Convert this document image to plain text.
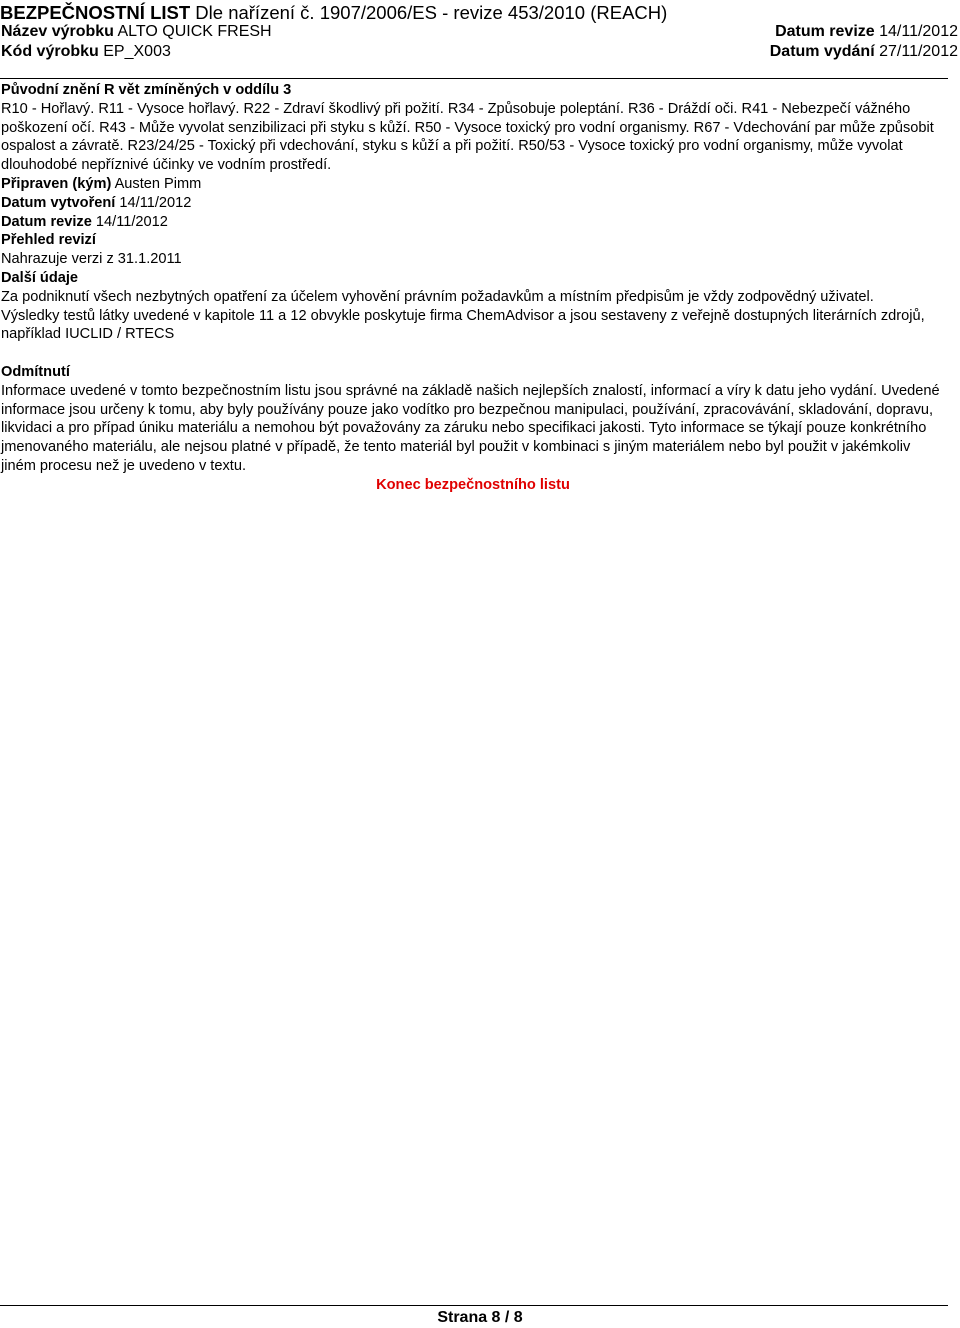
BEZPEČNOSTNÍ LIST Dle nařízení č. 1907/2006/ES - revize 453/2010 (REACH)
Název výrobku ALTO QUICK FRESH	Datum revize 14/11/2012
Kód výrobku EP_X003	Datum vydání 27/11/2012

Původní znění R vět zmíněných v oddílu 3

R10 - Hořlavý. R11 - Vysoce hořlavý. R22 - Zdraví škodlivý při požití. R34 - Způsobuje poleptání. R36 - Dráždí oči. R41 - Nebezpečí vážného poškození očí. R43 - Může vyvolat senzibilizaci při styku s kůží. R50 - Vysoce toxický pro vodní organismy. R67 - Vdechování par může způsobit ospalost a závratě. R23/24/25 - Toxický při vdechování, styku s kůží a při požití. R50/53 - Vysoce toxický pro vodní organismy, může vyvolat dlouhodobé nepříznivé účinky ve vodním prostředí.

Připraven (kým) Austen Pimm

Datum vytvoření 14/11/2012

Datum revize 14/11/2012

Přehled revizí

Nahrazuje verzi z 31.1.2011

Další údaje

Za podniknutí všech nezbytných opatření za účelem vyhovění právním požadavkům a místním předpisům je vždy zodpovědný uživatel.

Výsledky testů látky uvedené v kapitole 11 a 12 obvykle poskytuje firma ChemAdvisor a jsou sestaveny z veřejně dostupných literárních zdrojů, například IUCLID / RTECS

Odmítnutí

Informace uvedené v tomto bezpečnostním listu jsou správné na základě našich nejlepších znalostí, informací a víry k datu jeho vydání. Uvedené informace jsou určeny k tomu, aby byly používány pouze jako vodítko pro bezpečnou manipulaci, používání, zpracovávání, skladování, dopravu, likvidaci a pro případ úniku materiálu a nemohou být považovány za záruku nebo specifikaci jakosti. Tyto informace se týkají pouze konkrétního jmenovaného materiálu, ale nejsou platné v případě, že tento materiál byl použit v kombinaci s jiným materiálem nebo byl použit v jakémkoliv jiném procesu než je uvedeno v textu.

Konec bezpečnostního listu

Strana 8 / 8
